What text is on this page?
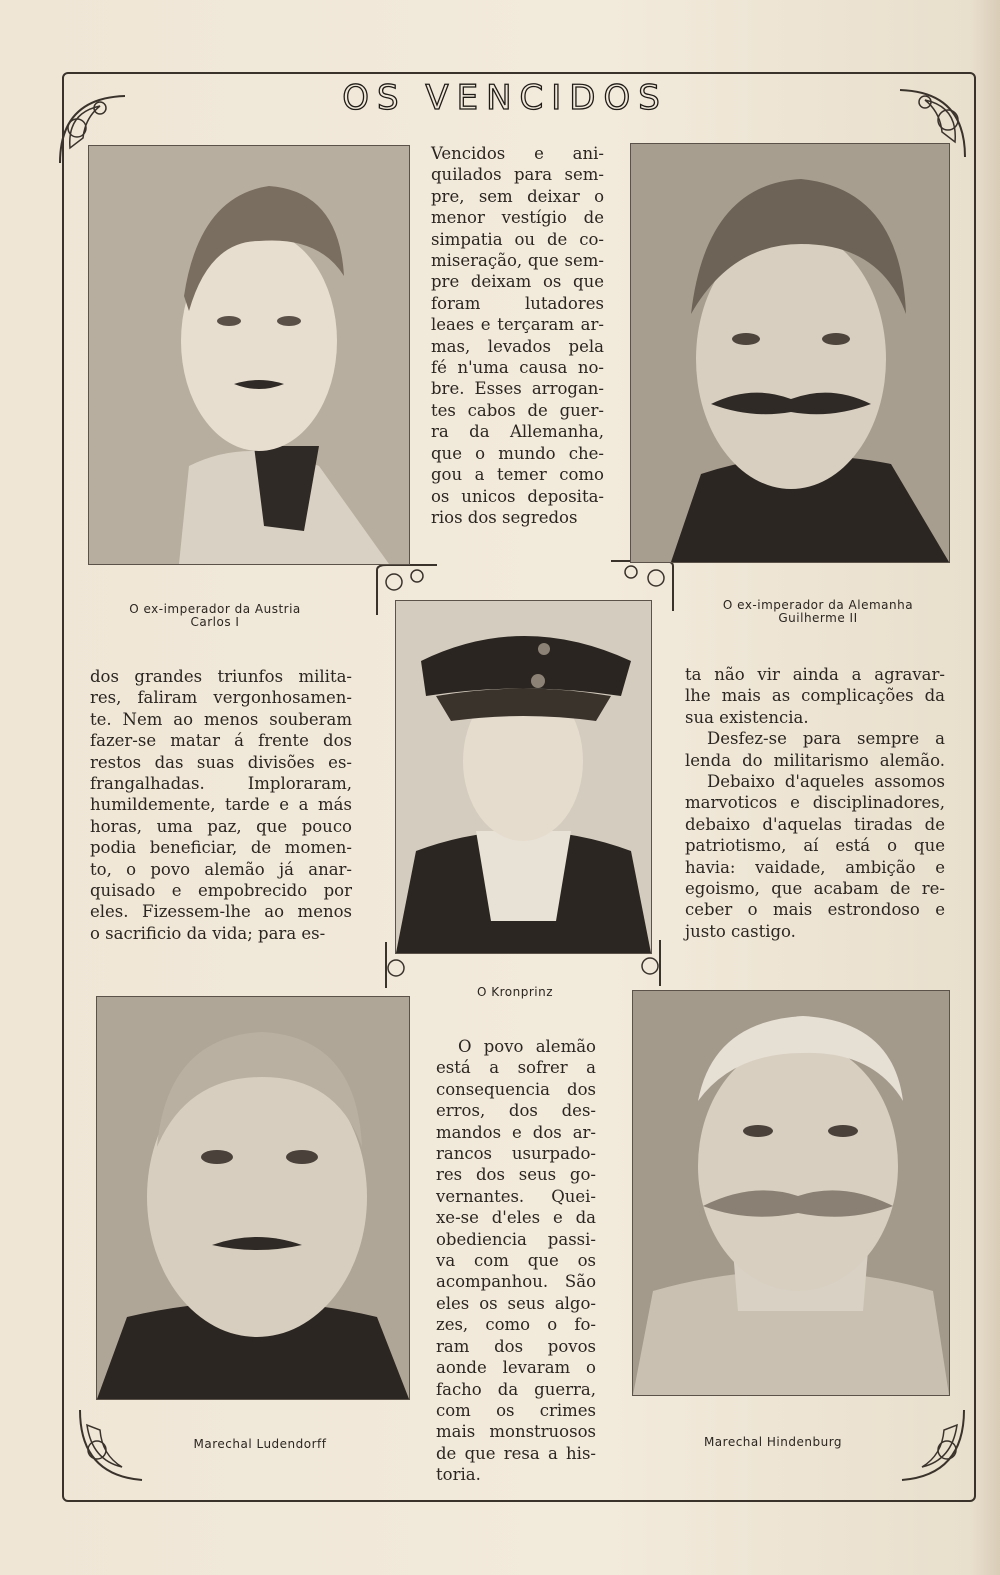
OS VENCIDOS
O ex-imperador da Austria
Carlos I
O ex-imperador da Alemanha
Guilherme II
O Kronprinz
Marechal Ludendorff	Marechal Hindenburg
Vencidos e ani-
quilados para sem-
pre, sem deixar o
menor vestígio de
simpatia ou de co-
miseração, que sem-
pre deixam os que
foram lutadores
leaes e terçaram ar-
mas, levados pela
fé n'uma causa no-
bre. Esses arrogan-
tes cabos de guer-
ra da Allemanha,
que o mundo che-
gou a temer como
os unicos deposita-
rios dos segredos
dos grandes triunfos milita-
res, faliram vergonhosamen-
te. Nem ao menos souberam
fazer-se matar á frente dos
restos das suas divisões es-
frangalhadas. Imploraram,
humildemente, tarde e a más
horas, uma paz, que pouco
podia beneficiar, de momen-
to, o povo alemão já anar-
quisado e empobrecido por
eles. Fizessem-lhe ao menos
o sacrificio da vida; para es-
ta não vir ainda a agravar-
lhe mais as complicações da
sua existencia.
Desfez-se para sempre a
lenda do militarismo alemão.
Debaixo d'aqueles assomos
marvoticos e disciplinadores,
debaixo d'aquelas tiradas de
patriotismo, aí está o que
havia: vaidade, ambição e
egoismo, que acabam de re-
ceber o mais estrondoso e
justo castigo.
O povo alemão
está a sofrer a
consequencia dos
erros, dos des-
mandos e dos ar-
rancos usurpado-
res dos seus go-
vernantes. Quei-
xe-se d'eles e da
obediencia passi-
va com que os
acompanhou. São
eles os seus algo-
zes, como o fo-
ram dos povos
aonde levaram o
facho da guerra,
com os crimes
mais monstruosos
de que resa a his-
toria.
